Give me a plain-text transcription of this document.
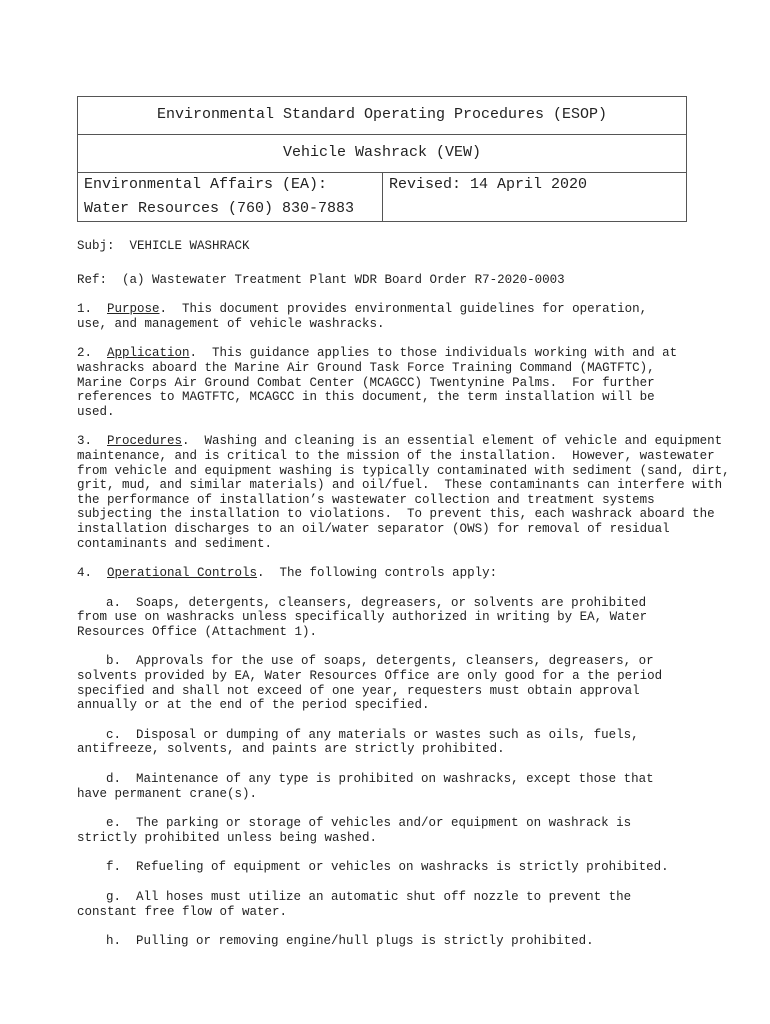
Environmental Standard Operating Procedures (ESOP)
Vehicle Washrack (VEW)

Environmental Affairs (EA):
Water Resources (760) 830-7883
	Revised: 14 April 2020

Subj:  VEHICLE WASHRACK

Ref:  (a) Wastewater Treatment Plant WDR Board Order R7-2020-0003

1.  Purpose.  This document provides environmental guidelines for operation,
use, and management of vehicle washracks.
2.  Application.  This guidance applies to those individuals working with and at
washracks aboard the Marine Air Ground Task Force Training Command (MAGTFTC),
Marine Corps Air Ground Combat Center (MCAGCC) Twentynine Palms.  For further
references to MAGTFTC, MCAGCC in this document, the term installation will be
used.
3.  Procedures.  Washing and cleaning is an essential element of vehicle and equipment
maintenance, and is critical to the mission of the installation.  However, wastewater
from vehicle and equipment washing is typically contaminated with sediment (sand, dirt,
grit, mud, and similar materials) and oil/fuel.  These contaminants can interfere with
the performance of installation’s wastewater collection and treatment systems
subjecting the installation to violations.  To prevent this, each washrack aboard the
installation discharges to an oil/water separator (OWS) for removal of residual
contaminants and sediment.
4.  Operational Controls.  The following controls apply:
a.  Soaps, detergents, cleansers, degreasers, or solvents are prohibited
from use on washracks unless specifically authorized in writing by EA, Water
Resources Office (Attachment 1).
b.  Approvals for the use of soaps, detergents, cleansers, degreasers, or
solvents provided by EA, Water Resources Office are only good for a the period
specified and shall not exceed of one year, requesters must obtain approval
annually or at the end of the period specified.
c.  Disposal or dumping of any materials or wastes such as oils, fuels,
antifreeze, solvents, and paints are strictly prohibited.
d.  Maintenance of any type is prohibited on washracks, except those that
have permanent crane(s).
e.  The parking or storage of vehicles and/or equipment on washrack is
strictly prohibited unless being washed.
f.  Refueling of equipment or vehicles on washracks is strictly prohibited.
g.  All hoses must utilize an automatic shut off nozzle to prevent the
constant free flow of water.
h.  Pulling or removing engine/hull plugs is strictly prohibited.
